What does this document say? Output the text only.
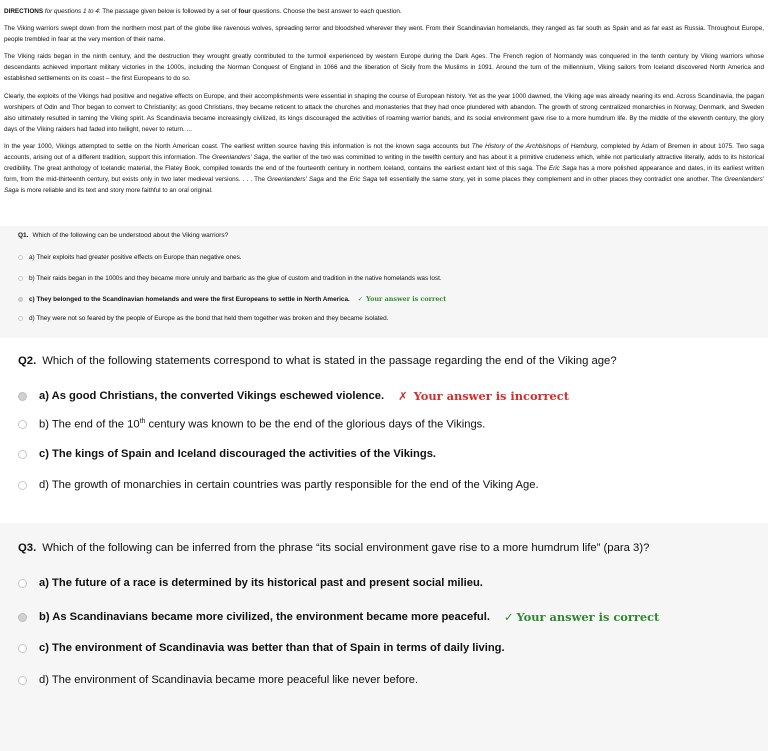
DIRECTIONS for questions 1 to 4: The passage given below is followed by a set of four questions. Choose the best answer to each question.

The Viking warriors swept down from the northern most part of the globe like ravenous wolves, spreading terror and bloodshed wherever they went. From their Scandinavian homelands, they ranged as far south as Spain and as far east as Russia. Throughout Europe, people trembled in fear at the very mention of their name.

The Viking raids began in the ninth century, and the destruction they wrought greatly contributed to the turmoil experienced by western Europe during the Dark Ages. The French region of Normandy was conquered in the tenth century by Viking warriors whose descendants achieved important military victories in the 1000s, including the Norman Conquest of England in 1066 and the liberation of Sicily from the Muslims in 1091. Around the turn of the millennium, Viking sailors from Iceland discovered North America and established settlements on its coast – the first Europeans to do so.

Clearly, the exploits of the Vikings had positive and negative effects on Europe, and their accomplishments were essential in shaping the course of European history. Yet as the year 1000 dawned, the Viking age was already nearing its end. Across Scandinavia, the pagan worshipers of Odin and Thor began to convert to Christianity; as good Christians, they became reticent to attack the churches and monasteries that they had once plundered with abandon. The growth of strong centralized monarchies in Norway, Denmark, and Sweden also ultimately resulted in taming the Viking spirit. As Scandinavia became increasingly civilized, its kings discouraged the activities of roaming warrior bands, and its social environment gave rise to a more humdrum life. By the middle of the eleventh century, the glory days of the Viking raiders had faded into twilight, never to return. ...

In the year 1000, Vikings attempted to settle on the North American coast. The earliest written source having this information is not the known saga accounts but The History of the Archbishops of Hamburg, completed by Adam of Bremen in about 1075. Two saga accounts, arising out of a different tradition, support this information. The Greenlanders' Saga, the earlier of the two was committed to writing in the twelfth century and has about it a primitive crudeness which, while not particularly attractive literally, adds to its historical credibility. The great anthology of Icelandic material, the Flatey Book, compiled towards the end of the fourteenth century in northern Iceland, contains the earliest extant text of this saga. The Eric Saga has a more polished appearance and dates, in its earliest written form, from the mid-thirteenth century, but exists only in two later medieval versions. . . . The Greenlanders' Saga and the Eric Saga tell essentially the same story, yet in some places they complement and in other places they contradict one another. The Greenlanders' Saga is more reliable and its text and story more faithful to an oral original.

Q1. Which of the following can be understood about the Viking warriors?
a) Their exploits had greater positive effects on Europe than negative ones.
b) Their raids began in the 1000s and they became more unruly and barbaric as the glue of custom and tradition in the native homelands was lost.
c) They belonged to the Scandinavian homelands and were the first Europeans to settle in North America. ✓ Your answer is correct
d) They were not so feared by the people of Europe as the bond that held them together was broken and they became isolated.
Q2. Which of the following statements correspond to what is stated in the passage regarding the end of the Viking age?
a) As good Christians, the converted Vikings eschewed violence. ✗ Your answer is incorrect
b) The end of the 10th century was known to be the end of the glorious days of the Vikings.
c) The kings of Spain and Iceland discouraged the activities of the Vikings.
d) The growth of monarchies in certain countries was partly responsible for the end of the Viking Age.
Q3. Which of the following can be inferred from the phrase “its social environment gave rise to a more humdrum life” (para 3)?
a) The future of a race is determined by its historical past and present social milieu.
b) As Scandinavians became more civilized, the environment became more peaceful. ✓ Your answer is correct
c) The environment of Scandinavia was better than that of Spain in terms of daily living.
d) The environment of Scandinavia became more peaceful like never before.
